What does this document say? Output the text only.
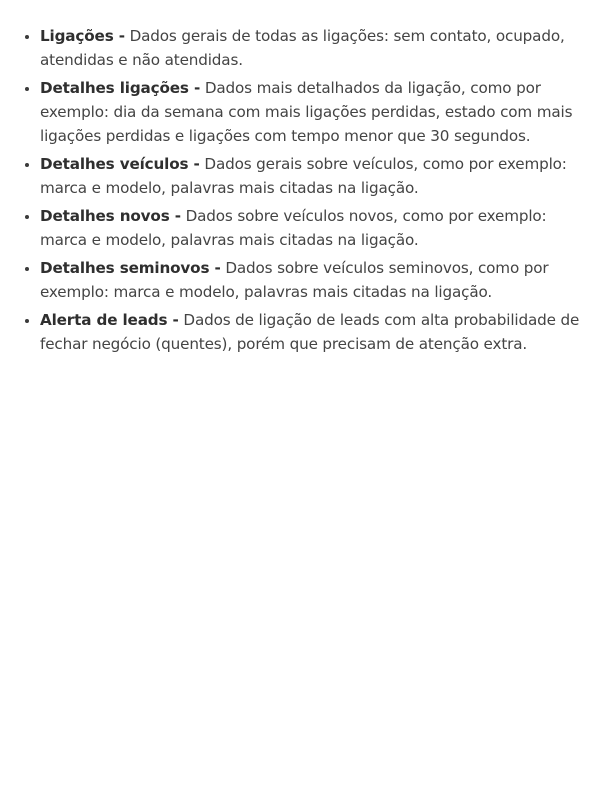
• Ligações - Dados gerais de todas as ligações: sem contato, ocupado, atendidas e não atendidas.
• Detalhes ligações - Dados mais detalhados da ligação, como por exemplo: dia da semana com mais ligações perdidas, estado com mais ligações perdidas e ligações com tempo menor que 30 segundos.
• Detalhes veículos - Dados gerais sobre veículos, como por exemplo: marca e modelo, palavras mais citadas na ligação.
• Detalhes novos - Dados sobre veículos novos, como por exemplo: marca e modelo, palavras mais citadas na ligação.
• Detalhes seminovos - Dados sobre veículos seminovos, como por exemplo: marca e modelo, palavras mais citadas na ligação.
• Alerta de leads - Dados de ligação de leads com alta probabilidade de fechar negócio (quentes), porém que precisam de atenção extra.
